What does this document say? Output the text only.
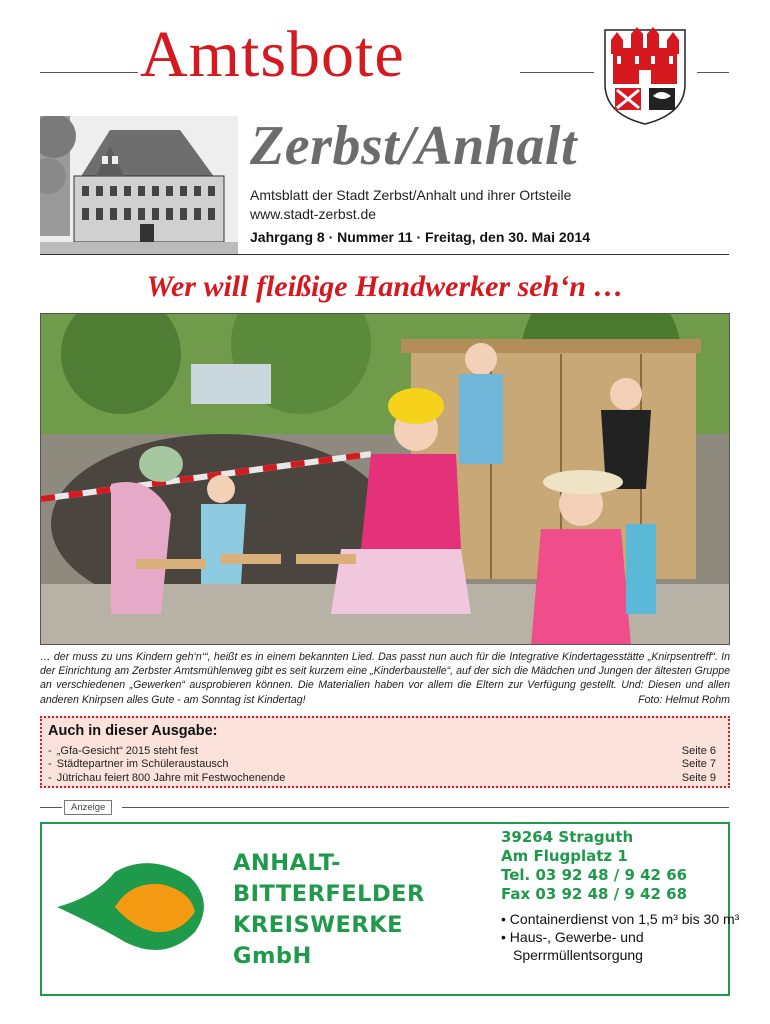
Amtsbote
Zerbst/Anhalt
Amtsblatt der Stadt Zerbst/Anhalt und ihrer Ortsteile
www.stadt-zerbst.de
Jahrgang 8 · Nummer 11 · Freitag, den 30. Mai 2014
Wer will fleißige Handwerker seh‘n …
… der muss zu uns Kindern geh‘n‘“, heißt es in einem bekannten Lied. Das passt nun auch für die Integrative Kindertagesstätte „Knirpsentreff“. In der Einrichtung am Zerbster Amtsmühlenweg gibt es seit kurzem eine „Kinderbaustelle“, auf der sich die Mädchen und Jungen der ältesten Gruppe an verschiedenen „Gewerken“ ausprobieren können. Die Materialien haben vor allem die Eltern zur Verfügung gestellt. Und: Diesen und allen anderen Knirpsen alles Gute - am Sonntag ist Kindertag!	Foto: Helmut Rohm
Auch in dieser Ausgabe:
- „Gfa-Gesicht“ 2015 steht fest	Seite 6
- Städtepartner im Schüleraustausch	Seite 7
- Jütrichau feiert 800 Jahre mit Festwochenende	Seite 9
Anzeige
ANHALT-
BITTERFELDER
KREISWERKE
GmbH
39264 Straguth
Am Flugplatz 1
Tel. 03 92 48 / 9 42 66
Fax 03 92 48 / 9 42 68
• Containerdienst von 1,5 m³ bis 30 m³
• Haus-, Gewerbe- und Sperrmüllentsorgung
